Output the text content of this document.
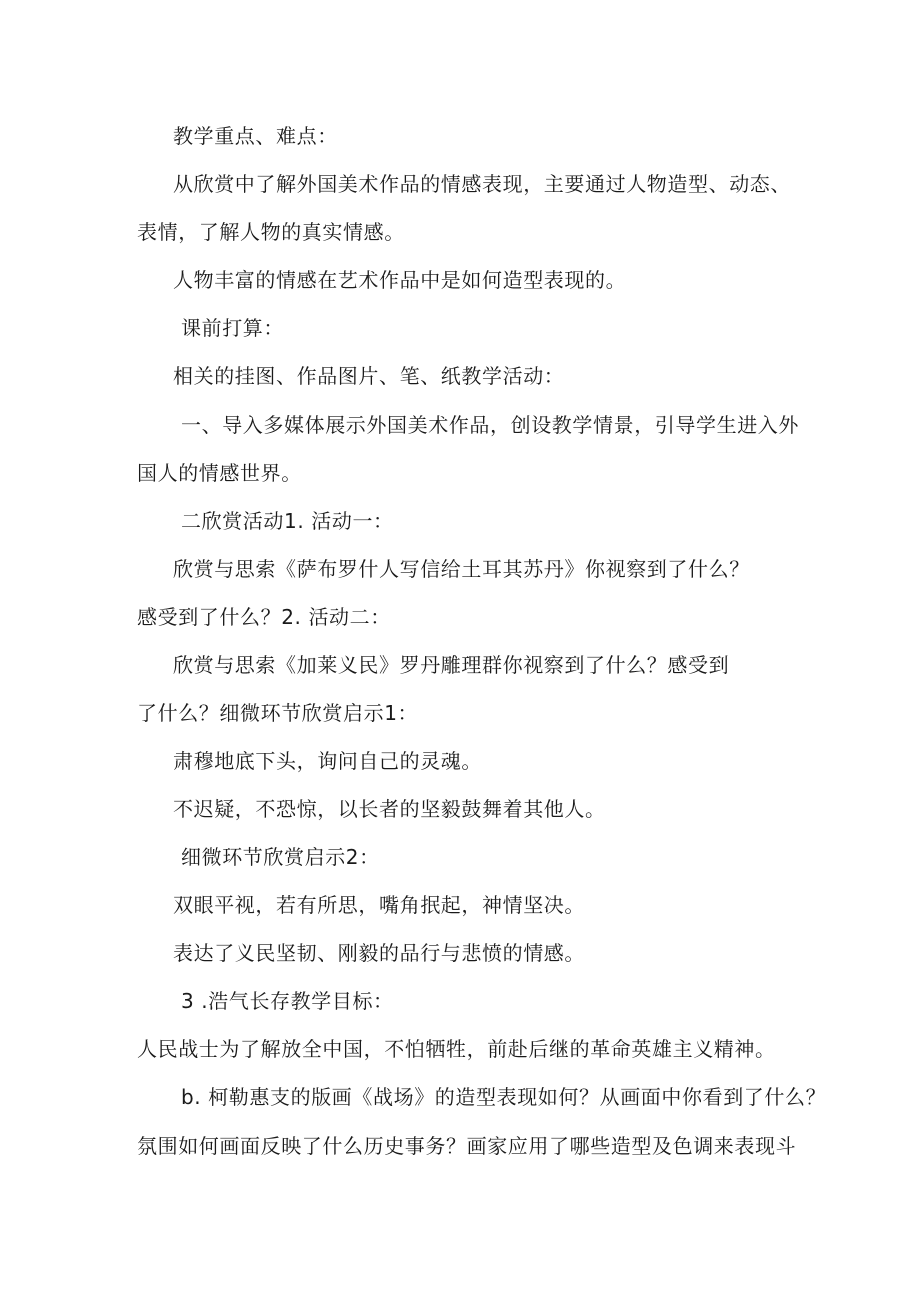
教学重点、难点：
从欣赏中了解外国美术作品的情感表现，主要通过人物造型、动态、
表情，了解人物的真实情感。
人物丰富的情感在艺术作品中是如何造型表现的。
课前打算：
相关的挂图、作品图片、笔、纸教学活动：
一、导入多媒体展示外国美术作品，创设教学情景，引导学生进入外
国人的情感世界。
二欣赏活动1. 活动一：
欣赏与思索《萨布罗什人写信给土耳其苏丹》你视察到了什么？
感受到了什么？2. 活动二：
欣赏与思索《加莱义民》罗丹雕理群你视察到了什么？感受到
了什么？细微环节欣赏启示1：
肃穆地底下头，询问自己的灵魂。
不迟疑，不恐惊，以长者的坚毅鼓舞着其他人。
细微环节欣赏启示2：
双眼平视，若有所思，嘴角抿起，神情坚决。
表达了义民坚韧、刚毅的品行与悲愤的情感。
3 .浩气长存教学目标：
人民战士为了解放全中国，不怕牺牲，前赴后继的革命英雄主义精神。
b. 柯勒惠支的版画《战场》的造型表现如何？从画面中你看到了什么？
氛围如何画面反映了什么历史事务？画家应用了哪些造型及色调来表现斗
